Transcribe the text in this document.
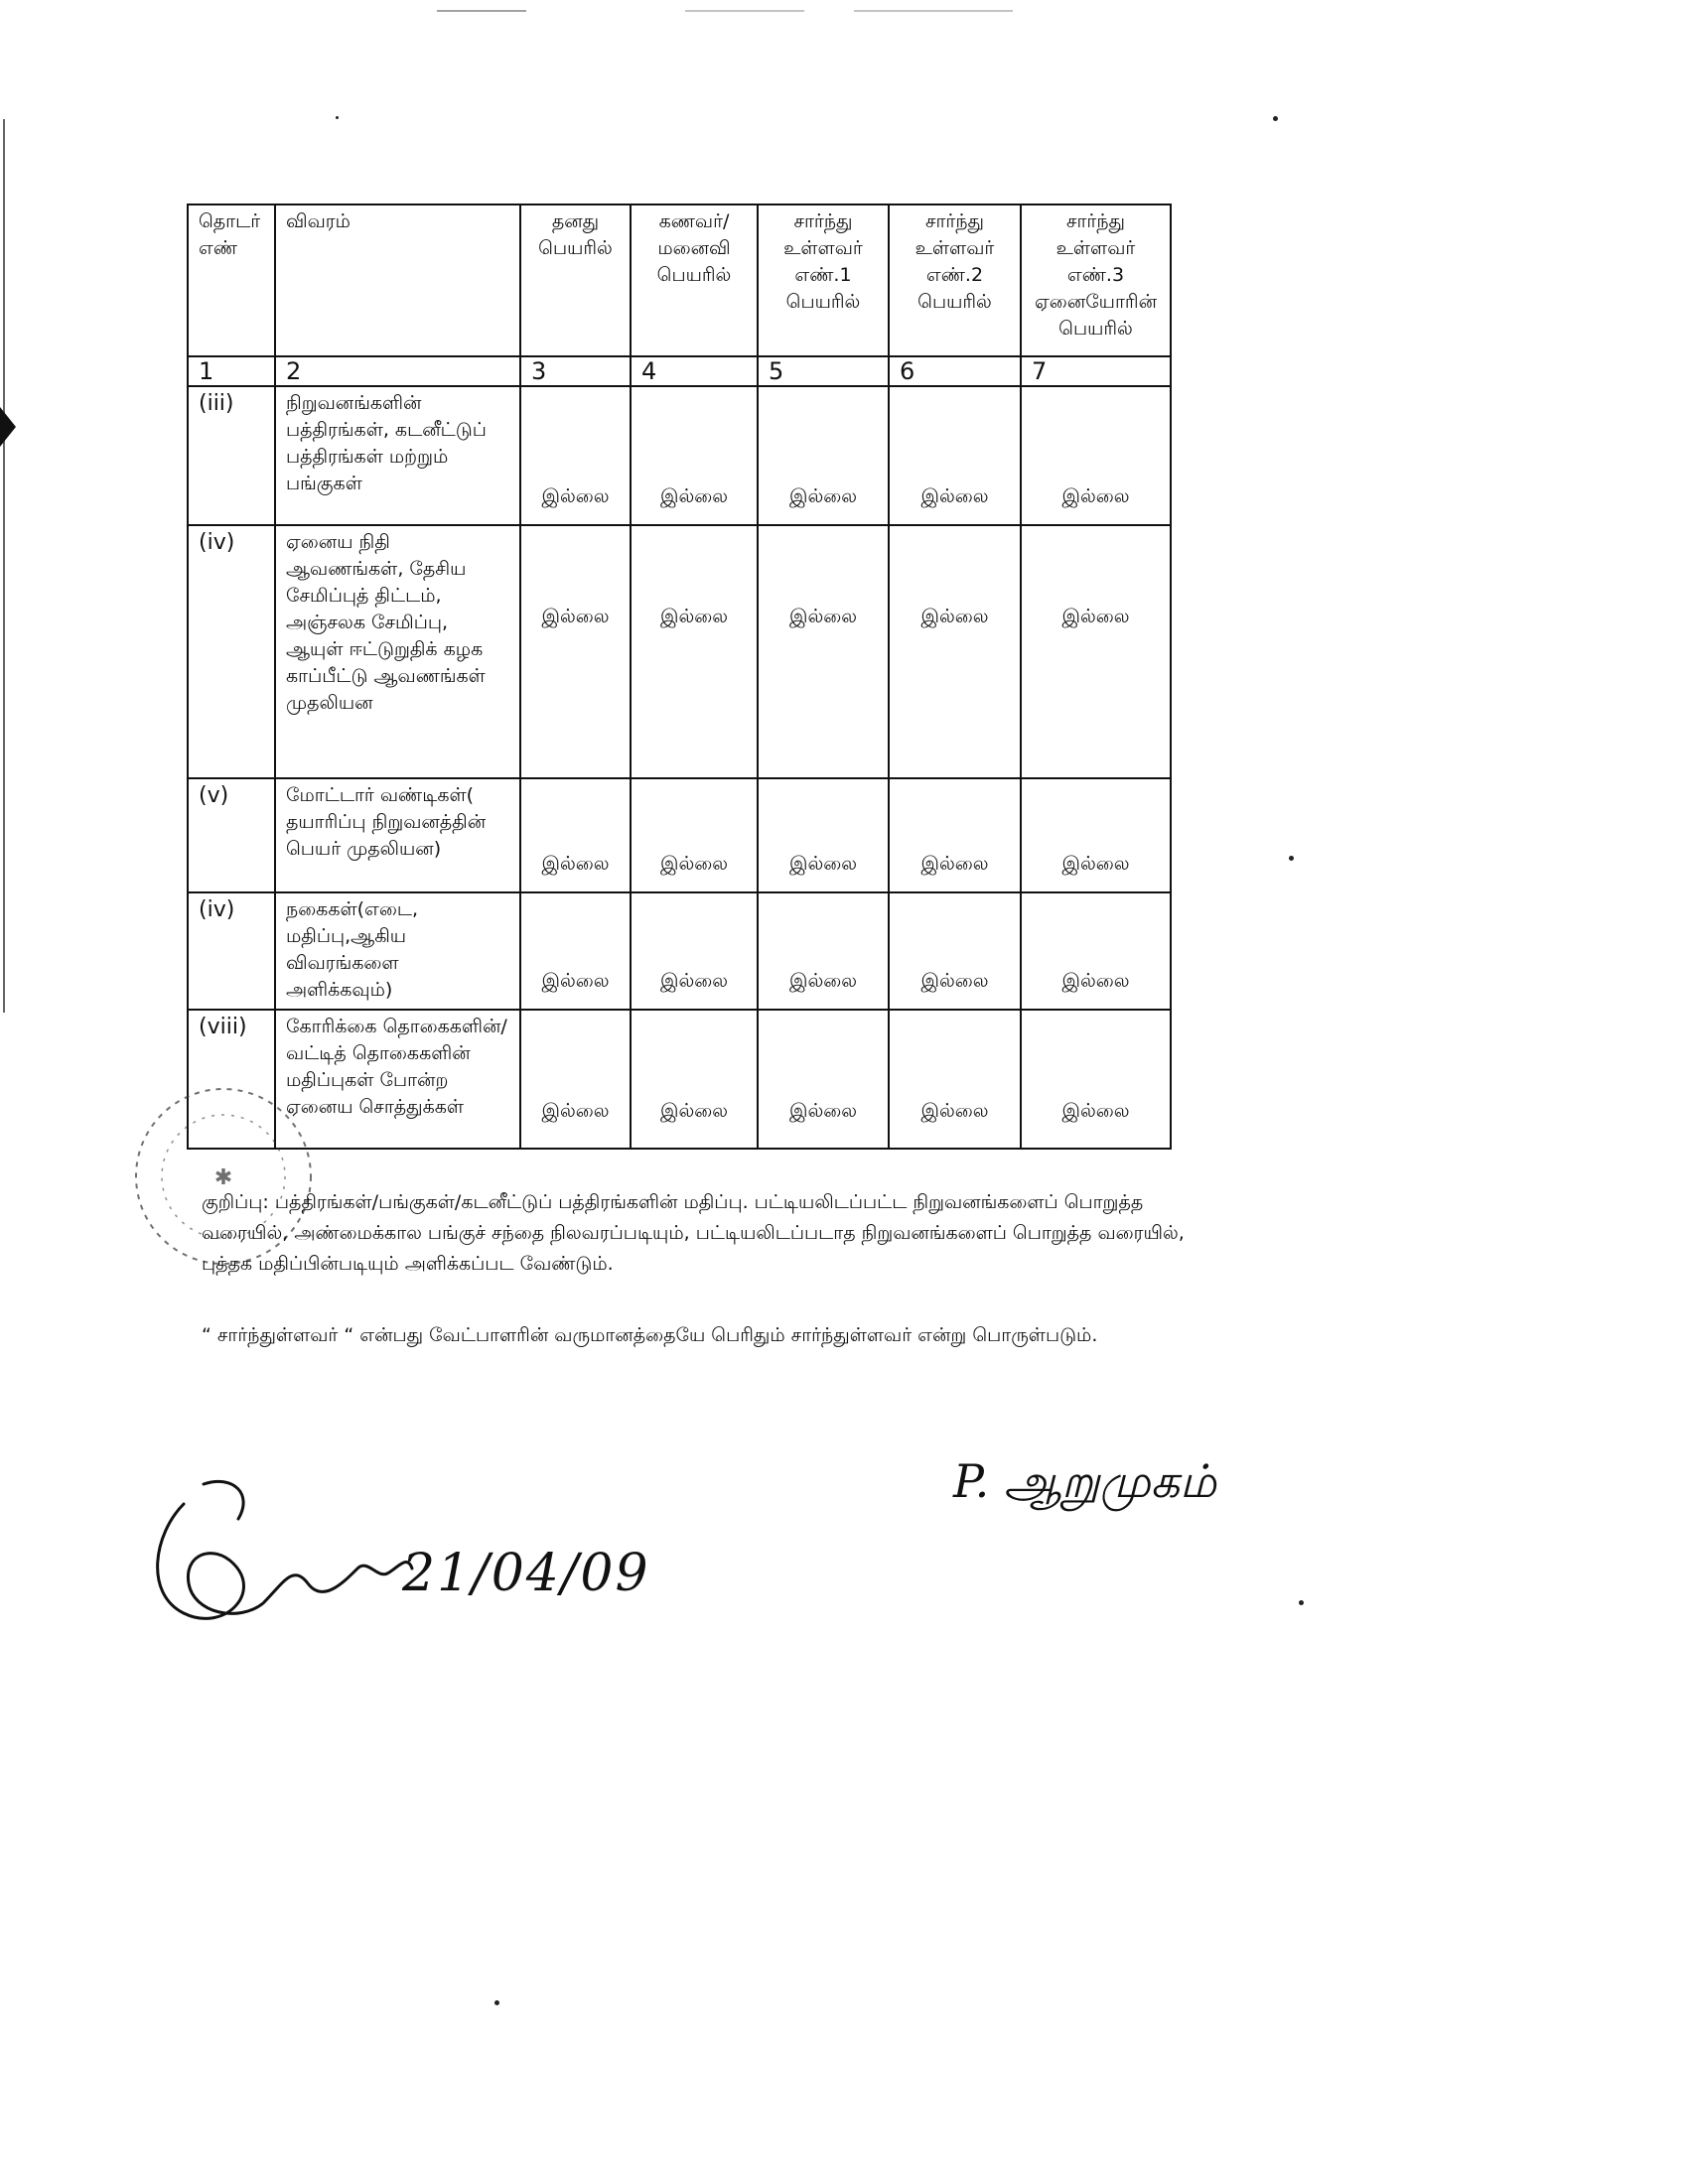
தொடர் எண்	விவரம்	தனது பெயரில்	கணவர்/ மனைவி பெயரில்	சார்ந்து உள்ளவர் எண்.1 பெயரில்	சார்ந்து உள்ளவர் எண்.2 பெயரில்	சார்ந்து உள்ளவர் எண்.3 ஏனையோரின் பெயரில்
1	2	3	4	5	6	7
(iii)	நிறுவனங்களின் பத்திரங்கள், கடனீட்டுப் பத்திரங்கள் மற்றும் பங்குகள்	இல்லை	இல்லை	இல்லை	இல்லை	இல்லை
(iv)	ஏனைய நிதி ஆவணங்கள், தேசிய சேமிப்புத் திட்டம், அஞ்சலக சேமிப்பு, ஆயுள் ஈட்டுறுதிக் கழக காப்பீட்டு ஆவணங்கள் முதலியன	இல்லை	இல்லை	இல்லை	இல்லை	இல்லை
(v)	மோட்டார் வண்டிகள்( தயாரிப்பு நிறுவனத்தின் பெயர் முதலியன)	இல்லை	இல்லை	இல்லை	இல்லை	இல்லை
(iv)	நகைகள்(எடை, மதிப்பு,ஆகிய விவரங்களை அளிக்கவும்)	இல்லை	இல்லை	இல்லை	இல்லை	இல்லை
(viii)	கோரிக்கை தொகைகளின்/வட்டித் தொகைகளின் மதிப்புகள் போன்ற ஏனைய சொத்துக்கள்	இல்லை	இல்லை	இல்லை	இல்லை	இல்லை
✱
குறிப்பு: பத்திரங்கள்/பங்குகள்/கடனீட்டுப் பத்திரங்களின் மதிப்பு. பட்டியலிடப்பட்ட நிறுவனங்களைப் பொறுத்த வரையில், அண்மைக்கால பங்குச் சந்தை நிலவரப்படியும், பட்டியலிடப்படாத நிறுவனங்களைப் பொறுத்த வரையில், புத்தக மதிப்பின்படியும் அளிக்கப்பட வேண்டும்.
“ சார்ந்துள்ளவர் “ என்பது வேட்பாளரின் வருமானத்தையே பெரிதும் சார்ந்துள்ளவர் என்று பொருள்படும்.
21/04/09
P. ஆறுமுகம்
